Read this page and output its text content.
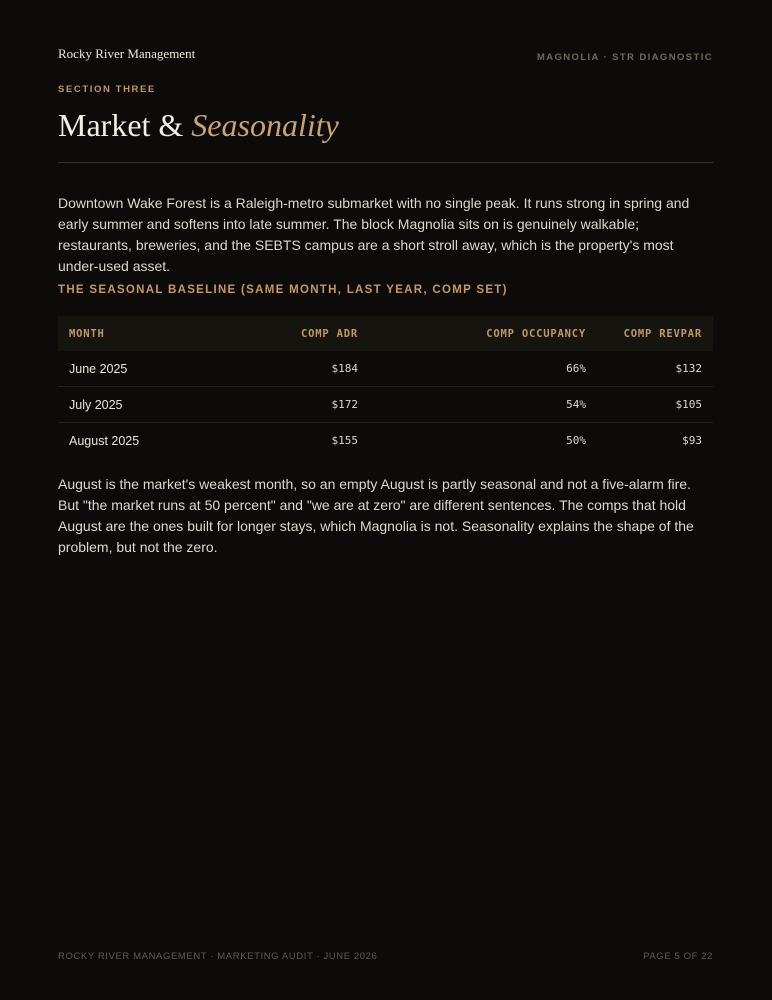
Rocky River Management	MAGNOLIA · STR DIAGNOSTIC
SECTION THREE
Market & Seasonality

Downtown Wake Forest is a Raleigh-metro submarket with no single peak. It runs strong in spring and early summer and softens into late summer. The block Magnolia sits on is genuinely walkable; restaurants, breweries, and the SEBTS campus are a short stroll away, which is the property's most under-used asset.

THE SEASONAL BASELINE (SAME MONTH, LAST YEAR, COMP SET)
MONTH	COMP ADR	COMP OCCUPANCY	COMP REVPAR
June 2025	$184	66%	$132
July 2025	$172	54%	$105
August 2025	$155	50%	$93

August is the market's weakest month, so an empty August is partly seasonal and not a five-alarm fire. But "the market runs at 50 percent" and "we are at zero" are different sentences. The comps that hold August are the ones built for longer stays, which Magnolia is not. Seasonality explains the shape of the problem, but not the zero.

ROCKY RIVER MANAGEMENT · MARKETING AUDIT · JUNE 2026	PAGE 5 OF 22
